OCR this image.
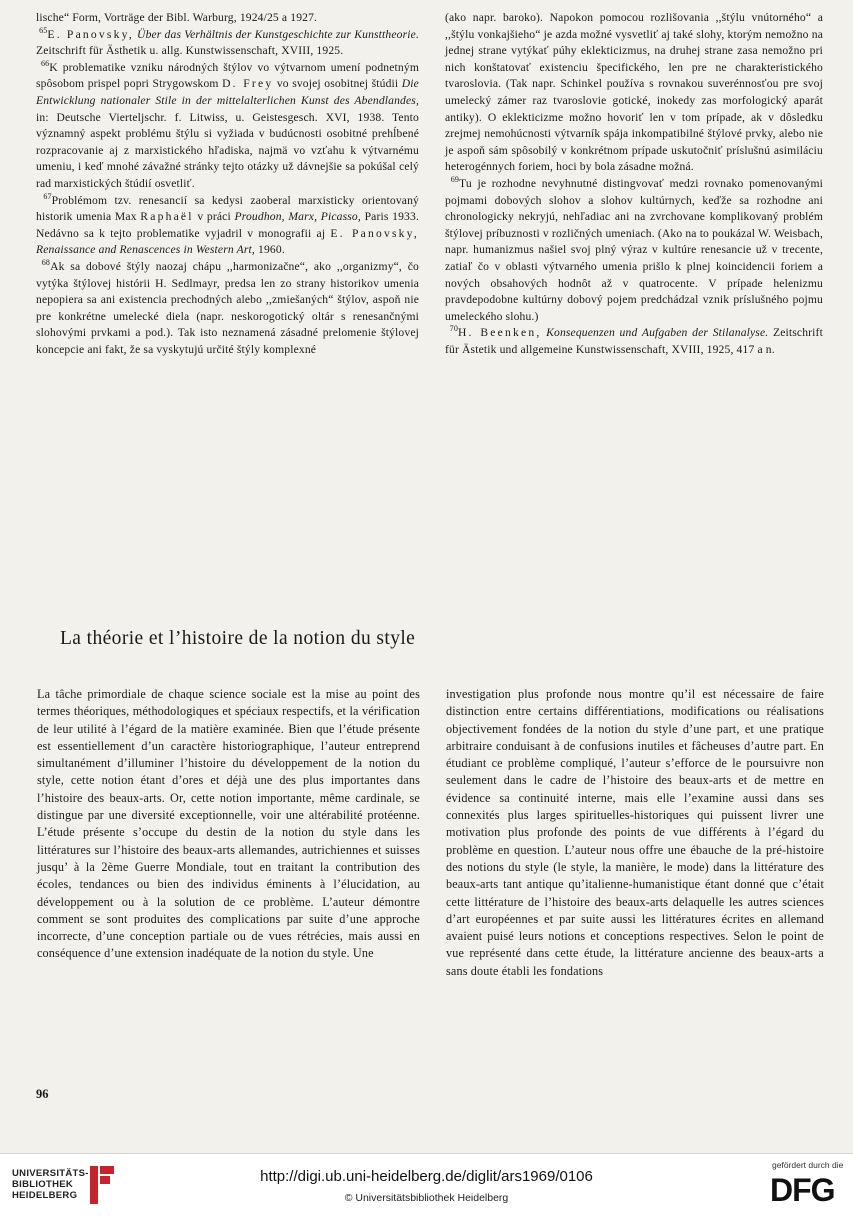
lische“ Form, Vorträge der Bibl. Warburg, 1924/25 a 1927.

$^{65}$E. Panovsky, Über das Verhältnis der Kunstgeschichte zur Kunsttheorie. Zeitschrift für Ästhetik u. allg. Kunstwissenschaft, XVIII, 1925.

$^{66}$K problematike vzniku národných štýlov vo výtvarnom umení podnetným spôsobom prispel popri Strygowskom D. Frey vo svojej osobitnej štúdii Die Entwicklung nationaler Stile in der mittelalterlichen Kunst des Abendlandes, in: Deutsche Vierteljschr. f. Litwiss, u. Geistesgesch. XVI, 1938. Tento významný aspekt problému štýlu si vyžiada v budúcnosti osobitné prehĺbené rozpracovanie aj z marxistického hľadiska, najmä vo vzťahu k výtvarnému umeniu, i keď mnohé závažné stránky tejto otázky už dávnejšie sa pokúšal celý rad marxistických štúdií osvetliť.

$^{67}$Problémom tzv. renesancií sa kedysi zaoberal marxisticky orientovaný historik umenia Max Raphaël v práci Proudhon, Marx, Picasso, Paris 1933. Nedávno sa k tejto problematike vyjadril v monografii aj E. Panovsky, Renaissance and Renascences in Western Art, 1960.

$^{68}$Ak sa dobové štýly naozaj chápu ,,harmonizačne“, ako ,,organizmy“, čo vytýka štýlovej histórii H. Sedlmayr, predsa len zo strany historikov umenia nepopiera sa ani existencia prechodných alebo ,,zmiešaných“ štýlov, aspoň nie pre konkrétne umelecké diela (napr. neskorogotický oltár s renesančnými slohovými prvkami a pod.). Tak isto neznamená zásadné prelomenie štýlovej koncepcie ani fakt, že sa vyskytujú určité štýly komplexné

(ako napr. baroko). Napokon pomocou rozlišovania ,,štýlu vnútorného“ a ,,štýlu vonkajšieho“ je azda možné vysvetliť aj také slohy, ktorým nemožno na jednej strane vytýkať púhy eklekticizmus, na druhej strane zasa nemožno pri nich konštatovať existenciu špecifického, len pre ne charakteristického tvaroslovia. (Tak napr. Schinkel používa s rovnakou suverénnosťou pre svoj umelecký zámer raz tvaroslovie gotické, inokedy zas morfologický aparát antiky). O eklekticizme možno hovoriť len v tom prípade, ak v dôsledku zrejmej nemohúcnosti výtvarník spája inkompatibilné štýlové prvky, alebo nie je aspoň sám spôsobilý v konkrétnom prípade uskutočniť príslušnú asimiláciu heterogénnych foriem, hoci by bola zásadne možná.

$^{69}$Tu je rozhodne nevyhnutné distingvovať medzi rovnako pomenovanými pojmami dobových slohov a slohov kultúrnych, keďže sa rozhodne ani chronologicky nekryjú, nehľadiac ani na zvrchovane komplikovaný problém štýlovej príbuznosti v rozličných umeniach. (Ako na to poukázal W. Weisbach, napr. humanizmus našiel svoj plný výraz v kultúre renesancie už v trecente, zatiaľ čo v oblasti výtvarného umenia prišlo k plnej koincidencii foriem a nových obsahových hodnôt až v quatrocente. V prípade helenizmu pravdepodobne kultúrny dobový pojem predchádzal vznik príslušného pojmu umeleckého slohu.)

$^{70}$H. Beenken, Konsequenzen und Aufgaben der Stilanalyse. Zeitschrift für Ästetik und allgemeine Kunstwissenschaft, XVIII, 1925, 417 a n.

La théorie et l’histoire de la notion du style

La tâche primordiale de chaque science sociale est la mise au point des termes théoriques, méthodologiques et spéciaux respectifs, et la vérification de leur utilité à l’égard de la matière examinée. Bien que l’étude présente est essentiellement d’un caractère historiographique, l’auteur entreprend simultanément d’illuminer l’histoire du développement de la notion du style, cette notion étant d’ores et déjà une des plus importantes dans l’histoire des beaux-arts. Or, cette notion importante, même cardinale, se distingue par une diversité exceptionnelle, voir une altérabilité protéenne. L’étude présente s’occupe du destin de la notion du style dans les littératures sur l’histoire des beaux-arts allemandes, autrichiennes et suisses jusqu’ à la 2ème Guerre Mondiale, tout en traitant la contribution des écoles, tendances ou bien des individus éminents à l’élucidation, au développement ou à la solution de ce problème. L’auteur démontre comment se sont produites des complications par suite d’une approche incorrecte, d’une conception partiale ou de vues rétrécies, mais aussi en conséquence d’une extension inadéquate de la notion du style. Une

investigation plus profonde nous montre qu’il est nécessaire de faire distinction entre certains différentiations, modifications ou réalisations objectivement fondées de la notion du style d’une part, et une pratique arbitraire conduisant à de confusions inutiles et fâcheuses d’autre part. En étudiant ce problème compliqué, l’auteur s’efforce de le poursuivre non seulement dans le cadre de l’histoire des beaux-arts et de mettre en évidence sa continuité interne, mais elle l’examine aussi dans ses connexités plus larges spirituelles-historiques qui puissent livrer une motivation plus profonde des points de vue différents à l’égard du problème en question. L’auteur nous offre une ébauche de la pré-histoire des notions du style (le style, la manière, le mode) dans la littérature des beaux-arts tant antique qu’italienne-humanistique étant donné que c’était cette littérature de l’histoire des beaux-arts delaquelle les autres sciences d’art européennes et par suite aussi les littératures écrites en allemand avaient puisé leurs notions et conceptions respectives. Selon le point de vue représenté dans cette étude, la littérature ancienne des beaux-arts a sans doute établi les fondations

96
UNIVERSITÄTS-
BIBLIOTHEK
HEIDELBERG
http://digi.ub.uni-heidelberg.de/diglit/ars1969/0106
© Universitätsbibliothek Heidelberg
gefördert durch die
DFG
